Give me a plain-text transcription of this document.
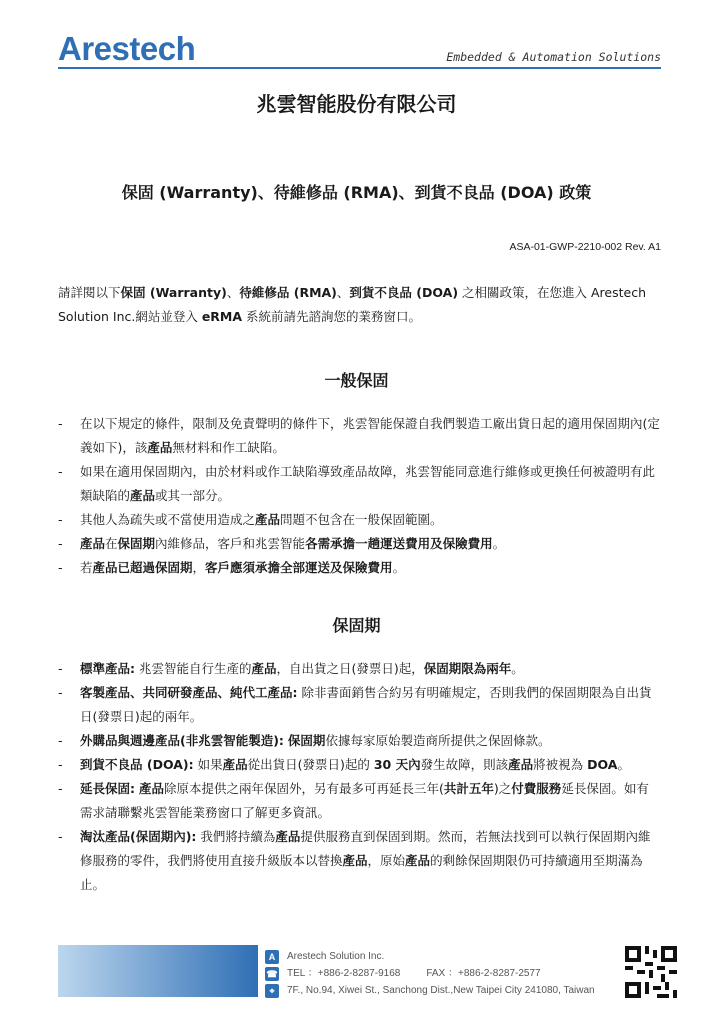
Arestech	Embedded & Automation Solutions
兆雲智能股份有限公司
保固 (Warranty)、待維修品 (RMA)、到貨不良品 (DOA) 政策
ASA-01-GWP-2210-002 Rev. A1
請詳閱以下保固 (Warranty)、待維修品 (RMA)、到貨不良品 (DOA) 之相關政策，在您進入 Arestech Solution Inc.網站並登入 eRMA 系統前請先諮詢您的業務窗口。
一般保固
- 在以下規定的條件，限制及免責聲明的條件下，兆雲智能保證自我們製造工廠出貨日起的適用保固期內(定義如下)，該產品無材料和作工缺陷。
- 如果在適用保固期內，由於材料或作工缺陷導致產品故障，兆雲智能同意進行維修或更換任何被證明有此類缺陷的產品或其一部分。
- 其他人為疏失或不當使用造成之產品問題不包含在一般保固範圍。
- 產品在保固期內維修品，客戶和兆雲智能各需承擔一趟運送費用及保險費用。
- 若產品已超過保固期，客戶應須承擔全部運送及保險費用。
保固期
- 標準產品: 兆雲智能自行生產的產品，自出貨之日(發票日)起，保固期限為兩年。
- 客製產品、共同研發產品、純代工產品: 除非書面銷售合約另有明確規定，否則我們的保固期限為自出貨日(發票日)起的兩年。
- 外購品與週邊產品(非兆雲智能製造): 保固期依據每家原始製造商所提供之保固條款。
- 到貨不良品 (DOA): 如果產品從出貨日(發票日)起的 30 天內發生故障，則該產品將被視為 DOA。
- 延長保固: 產品除原本提供之兩年保固外，另有最多可再延長三年(共計五年)之付費服務延長保固。如有需求請聯繫兆雲智能業務窗口了解更多資訊。
- 淘汰產品(保固期內): 我們將持續為產品提供服務直到保固到期。然而，若無法找到可以執行保固期內維修服務的零件，我們將使用直接升級版本以替換產品，原始產品的剩餘保固期限仍可持續適用至期滿為止。
A	Arestech Solution Inc.
☎ TEL ： +886-2-8287-9168	FAX ： +886-2-8287-2577
⌖	7F., No.94, Xiwei St., Sanchong Dist.,New Taipei City 241080, Taiwan
